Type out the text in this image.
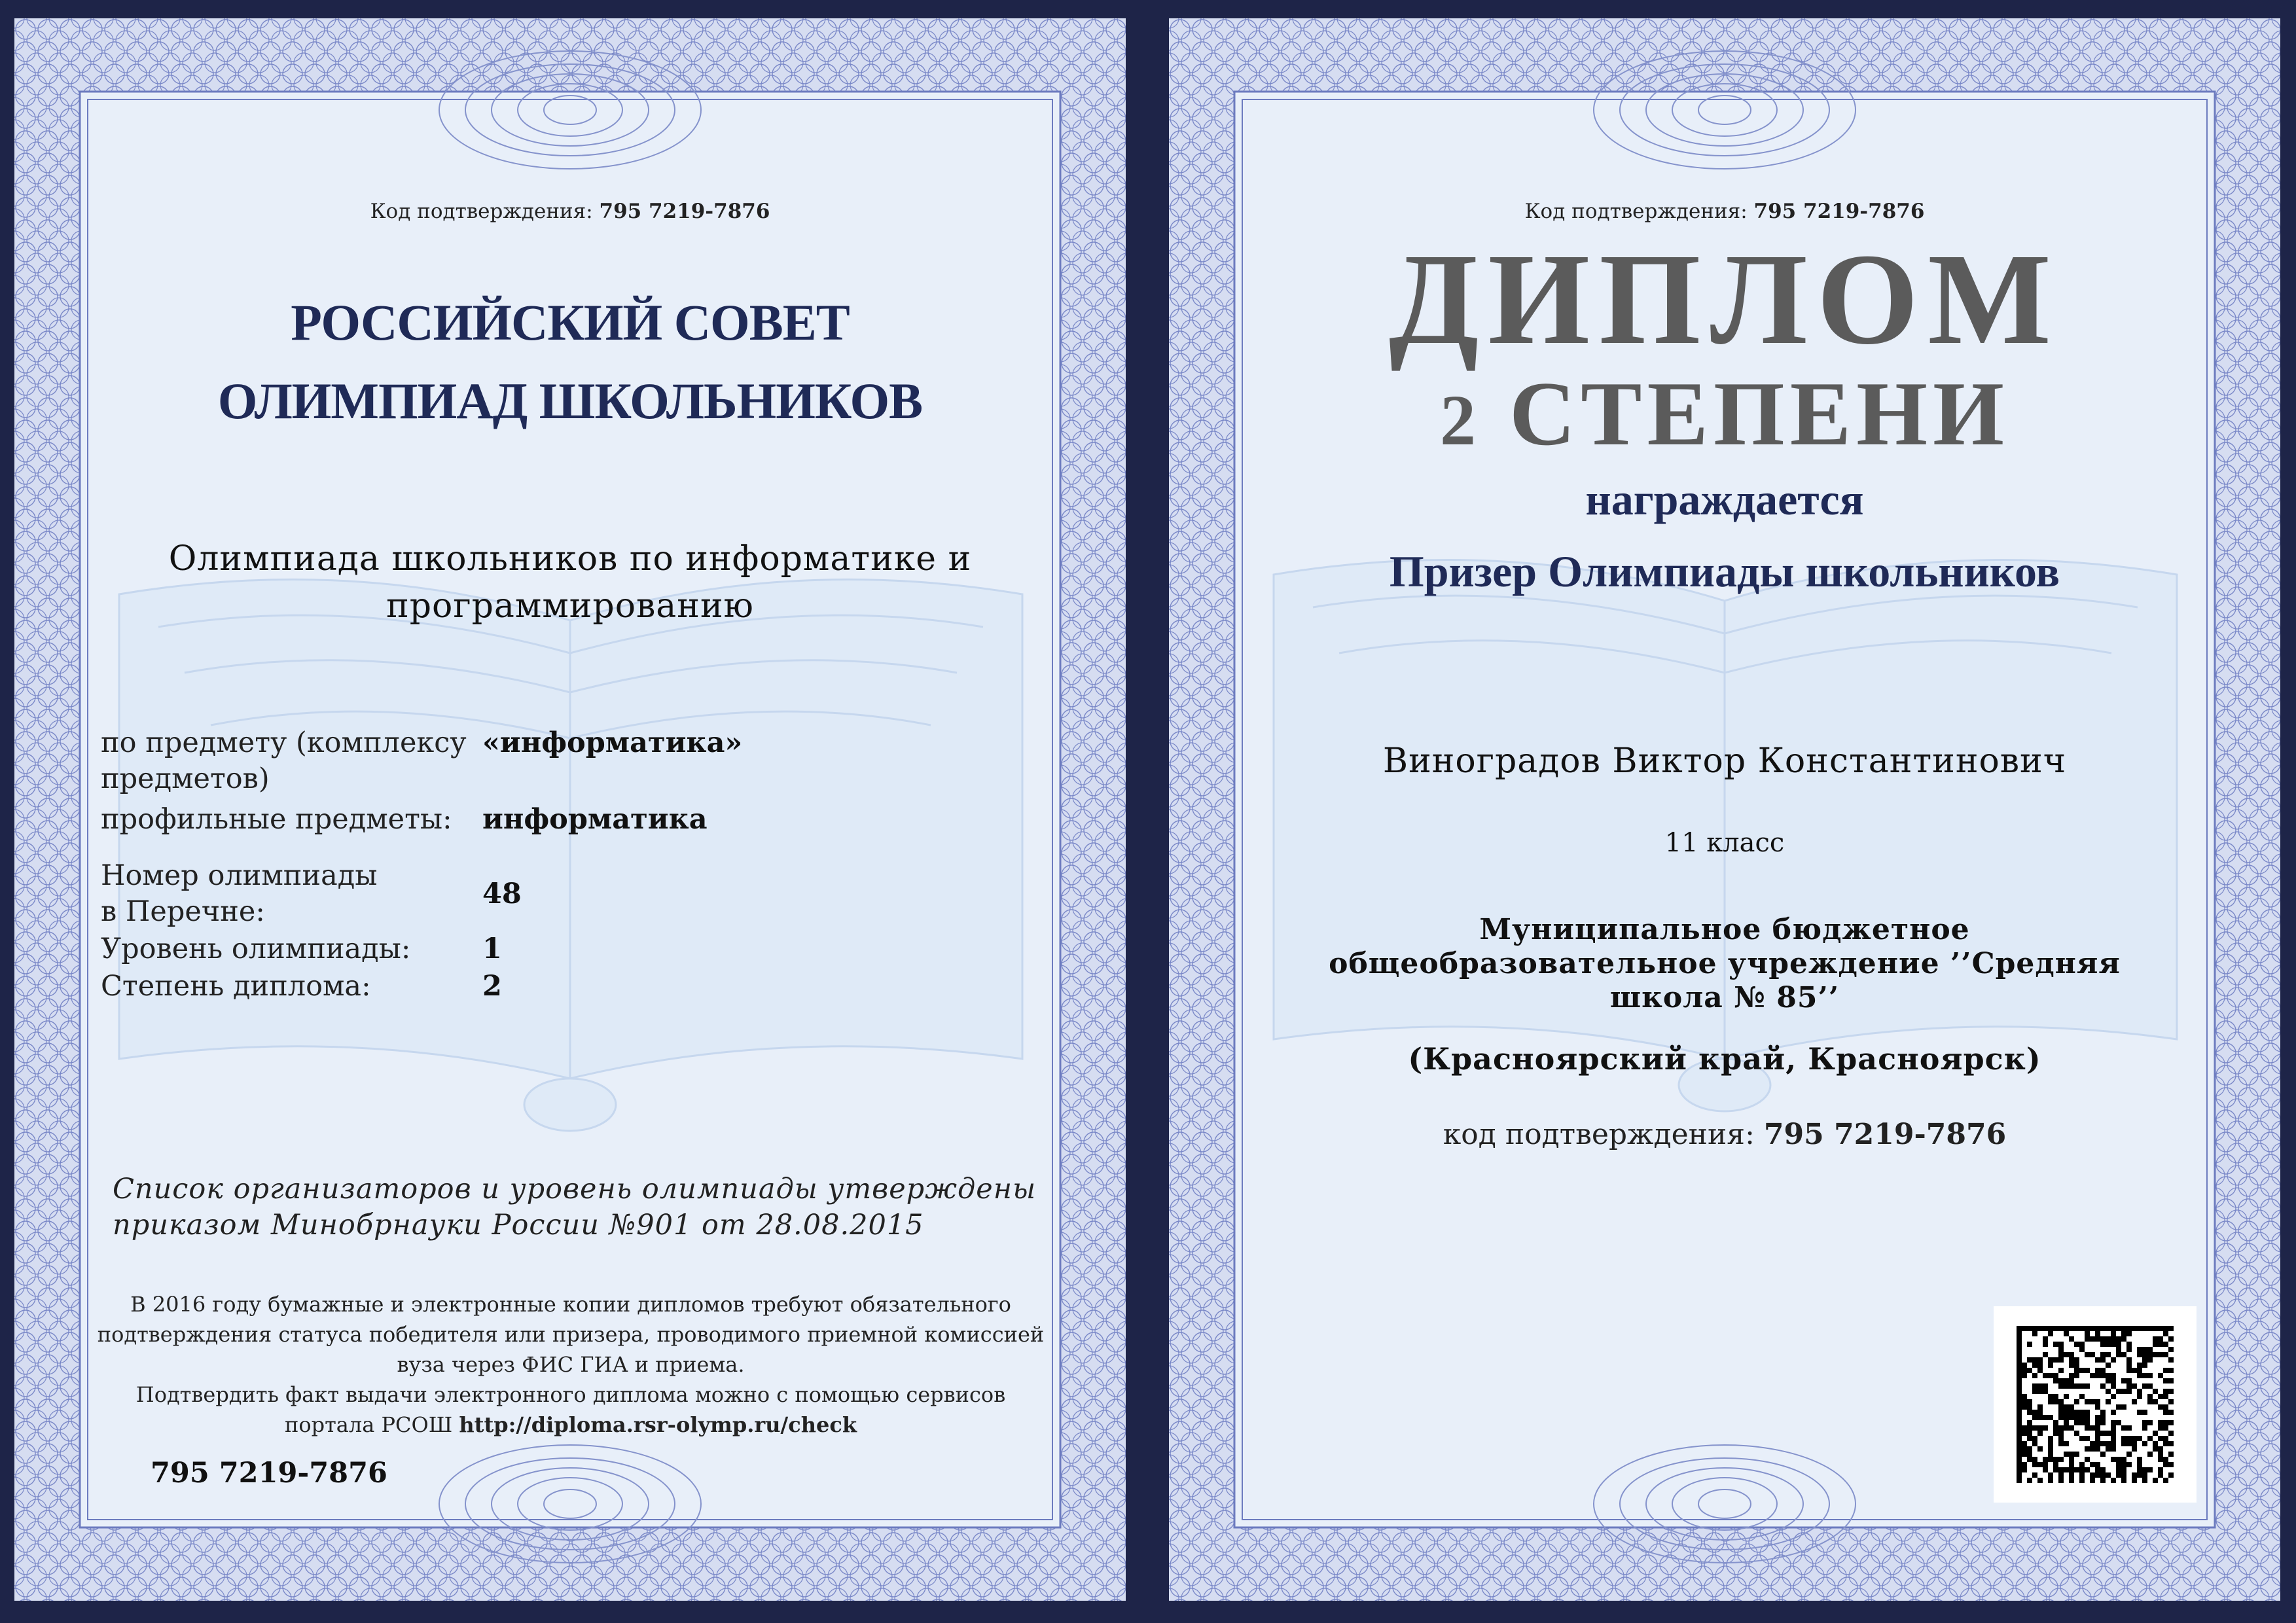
Код подтверждения: 795 7219-7876
РОССИЙСКИЙ СОВЕТ
ОЛИМПИАД ШКОЛЬНИКОВ
Олимпиада школьников по информатике и
программированию
по предмету (комплексу
предметов)
«информатика»
профильные предметы: информатика
Номер олимпиады
в Перечне:
48
Уровень олимпиады:	1
Степень диплома:	2
Список организаторов и уровень олимпиады утверждены
приказом Минобрнауки России №901 от 28.08.2015
В 2016 году бумажные и электронные копии дипломов требуют обязательного
подтверждения статуса победителя или призера, проводимого приемной комиссией
вуза через ФИС ГИА и приема.
Подтвердить факт выдачи электронного диплома можно с помощью сервисов
портала РСОШ http://diploma.rsr-olymp.ru/check
795 7219-7876
Код подтверждения: 795 7219-7876
ДИПЛОМ
2 СТЕПЕНИ
награждается
Призер Олимпиады школьников
Виноградов Виктор Константинович
11 класс
Муниципальное бюджетное
общеобразовательное учреждение ’’Средняя
школа № 85’’
(Красноярский край, Красноярск)
код подтверждения: 795 7219-7876
